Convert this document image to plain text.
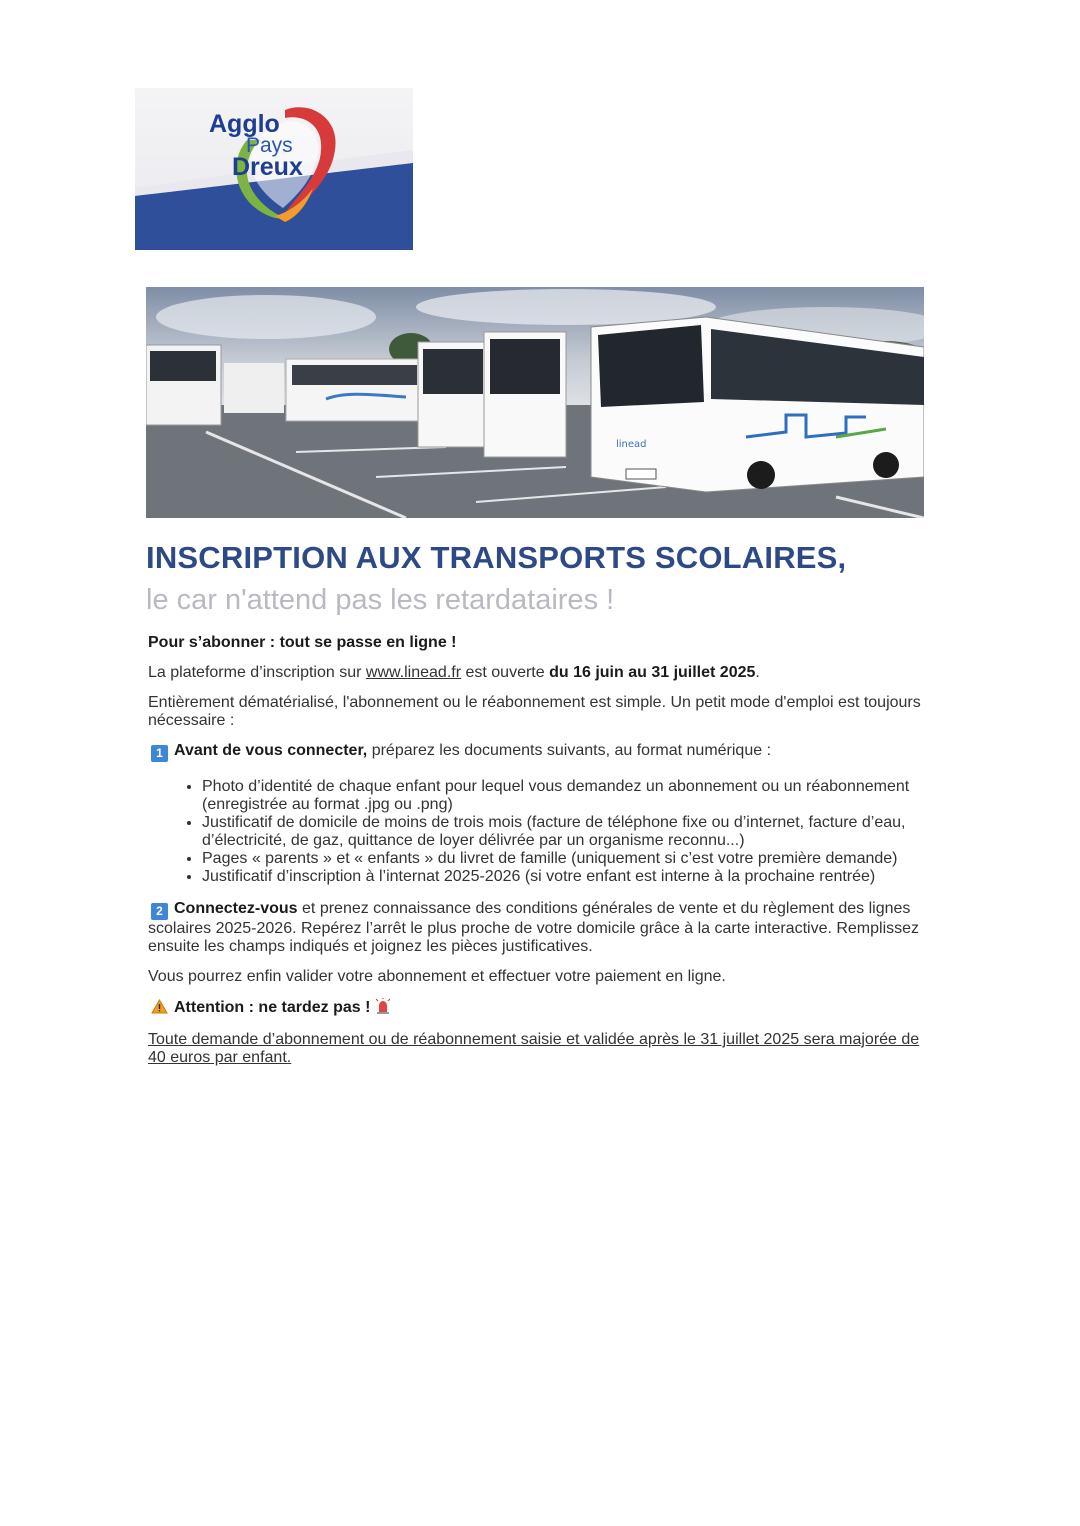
Agglo
Pays
Dreux
linead
INSCRIPTION AUX TRANSPORTS SCOLAIRES,
le car n'attend pas les retardataires !

Pour s’abonner : tout se passe en ligne !

La plateforme d’inscription sur www.linead.fr est ouverte du 16 juin au 31 juillet 2025.

Entièrement dématérialisé, l'abonnement ou le réabonnement est simple. Un petit mode d'emploi est toujours nécessaire :

1 Avant de vous connecter, préparez les documents suivants, au format numérique :

• Photo d’identité de chaque enfant pour lequel vous demandez un abonnement ou un réabonnement (enregistrée au format .jpg ou .png)
• Justificatif de domicile de moins de trois mois (facture de téléphone fixe ou d’internet, facture d’eau, d’électricité, de gaz, quittance de loyer délivrée par un organisme reconnu...)
• Pages « parents » et « enfants » du livret de famille (uniquement si c’est votre première demande)
• Justificatif d’inscription à l’internat 2025-2026 (si votre enfant est interne à la prochaine rentrée)

2 Connectez-vous et prenez connaissance des conditions générales de vente et du règlement des lignes scolaires 2025-2026. Repérez l’arrêt le plus proche de votre domicile grâce à la carte interactive. Remplissez ensuite les champs indiqués et joignez les pièces justificatives.

Vous pourrez enfin valider votre abonnement et effectuer votre paiement en ligne.

Attention : ne tardez pas !

Toute demande d’abonnement ou de réabonnement saisie et validée après le 31 juillet 2025 sera majorée de 40 euros par enfant.
